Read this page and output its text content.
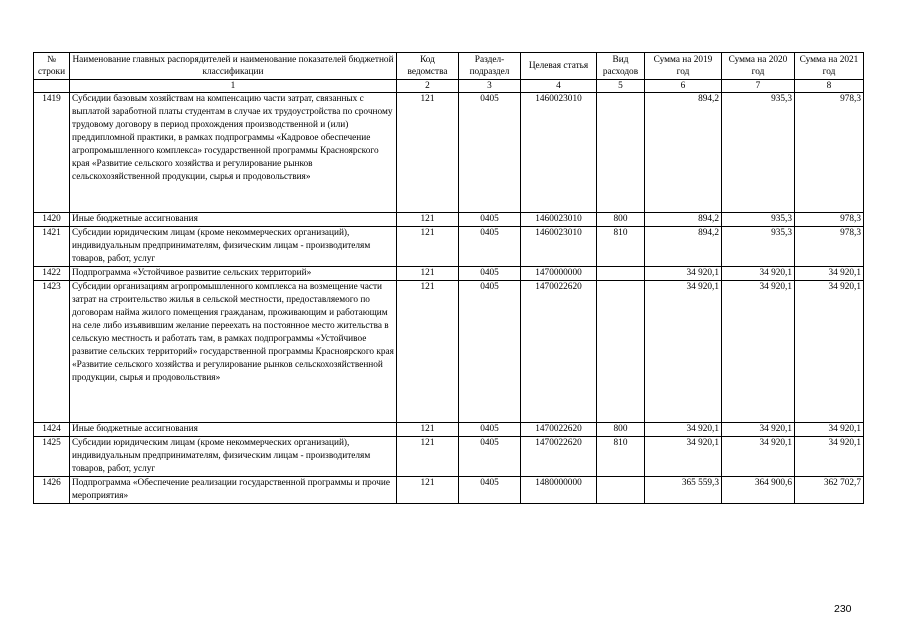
№ строки	Наименование главных распорядителей и наименование показателей бюджетной классификации	Код ведомства	Раздел-подраздел	Целевая статья	Вид расходов	Сумма на 2019 год	Сумма на 2020 год	Сумма на 2021 год
	1	2	3	4	5	6	7	8
1419	Субсидии базовым хозяйствам на компенсацию части затрат, связанных с выплатой заработной платы студентам в случае их трудоустройства по срочному трудовому договору в период прохождения производственной и (или) преддипломной практики, в рамках подпрограммы «Кадровое обеспечение агропромышленного комплекса» государственной программы Красноярского края «Развитие сельского хозяйства и регулирование рынков сельскохозяйственной продукции, сырья и продовольствия»	121	0405	1460023010		894,2	935,3	978,3
1420	Иные бюджетные ассигнования	121	0405	1460023010	800	894,2	935,3	978,3
1421	Субсидии юридическим лицам (кроме некоммерческих организаций), индивидуальным предпринимателям, физическим лицам - производителям товаров, работ, услуг	121	0405	1460023010	810	894,2	935,3	978,3
1422	Подпрограмма «Устойчивое развитие сельских территорий»	121	0405	1470000000		34 920,1	34 920,1	34 920,1
1423	Субсидии организациям агропромышленного комплекса на возмещение части затрат на строительство жилья в сельской местности, предоставляемого по договорам найма жилого помещения гражданам, проживающим и работающим на селе либо изъявившим желание переехать на постоянное место жительства в сельскую местность и работать там, в рамках подпрограммы «Устойчивое развитие сельских территорий» государственной программы Красноярского края «Развитие сельского хозяйства и регулирование рынков сельскохозяйственной продукции, сырья и продовольствия»	121	0405	1470022620		34 920,1	34 920,1	34 920,1
1424	Иные бюджетные ассигнования	121	0405	1470022620	800	34 920,1	34 920,1	34 920,1
1425	Субсидии юридическим лицам (кроме некоммерческих организаций), индивидуальным предпринимателям, физическим лицам - производителям товаров, работ, услуг	121	0405	1470022620	810	34 920,1	34 920,1	34 920,1
1426	Подпрограмма «Обеспечение реализации государственной программы и прочие мероприятия»	121	0405	1480000000		365 559,3	364 900,6	362 702,7
230
